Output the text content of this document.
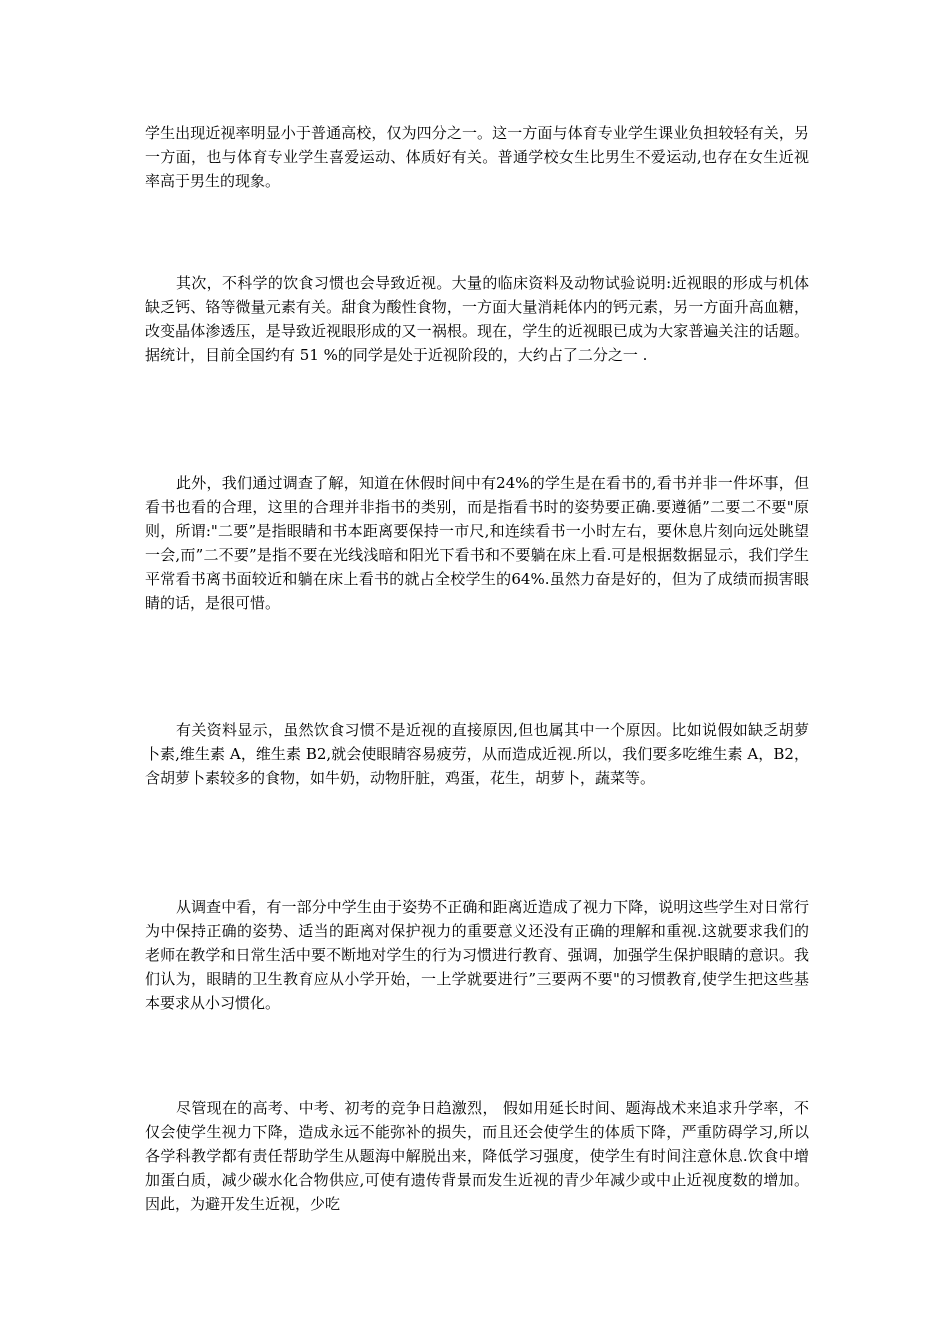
学生出现近视率明显小于普通高校，仅为四分之一。这一方面与体育专业学生课业负担较轻有关，另一方面，也与体育专业学生喜爱运动、体质好有关。普通学校女生比男生不爱运动,也存在女生近视率高于男生的现象。

其次，不科学的饮食习惯也会导致近视。大量的临床资料及动物试验说明:近视眼的形成与机体缺乏钙、铬等微量元素有关。甜食为酸性食物，一方面大量消耗体内的钙元素，另一方面升高血糖，改变晶体渗透压，是导致近视眼形成的又一祸根。现在，学生的近视眼已成为大家普遍关注的话题。据统计，目前全国约有 51 %的同学是处于近视阶段的，大约占了二分之一 .

此外，我们通过调查了解，知道在休假时间中有24%的学生是在看书的,看书并非一件坏事，但看书也看的合理，这里的合理并非指书的类别，而是指看书时的姿势要正确.要遵循”二要二不要"原则，所谓:"二要”是指眼睛和书本距离要保持一市尺,和连续看书一小时左右，要休息片刻向远处眺望一会,而”二不要”是指不要在光线浅暗和阳光下看书和不要躺在床上看.可是根据数据显示，我们学生平常看书离书面较近和躺在床上看书的就占全校学生的64%.虽然力奋是好的，但为了成绩而损害眼睛的话，是很可惜。

有关资料显示，虽然饮食习惯不是近视的直接原因,但也属其中一个原因。比如说假如缺乏胡萝卜素,维生素 A，维生素 B2,就会使眼睛容易疲劳，从而造成近视.所以，我们要多吃维生素 A，B2，含胡萝卜素较多的食物，如牛奶，动物肝脏，鸡蛋，花生，胡萝卜，蔬菜等。

从调查中看，有一部分中学生由于姿势不正确和距离近造成了视力下降，说明这些学生对日常行为中保持正确的姿势、适当的距离对保护视力的重要意义还没有正确的理解和重视.这就要求我们的老师在教学和日常生活中要不断地对学生的行为习惯进行教育、强调，加强学生保护眼睛的意识。我们认为，眼睛的卫生教育应从小学开始，一上学就要进行”三要两不要"的习惯教育,使学生把这些基本要求从小习惯化。

尽管现在的高考、中考、初考的竞争日趋激烈， 假如用延长时间、题海战术来追求升学率，不仅会使学生视力下降，造成永远不能弥补的损失，而且还会使学生的体质下降，严重防碍学习,所以各学科教学都有责任帮助学生从题海中解脱出来，降低学习强度，使学生有时间注意休息.饮食中增加蛋白质，减少碳水化合物供应,可使有遗传背景而发生近视的青少年减少或中止近视度数的增加。因此，为避开发生近视，少吃
